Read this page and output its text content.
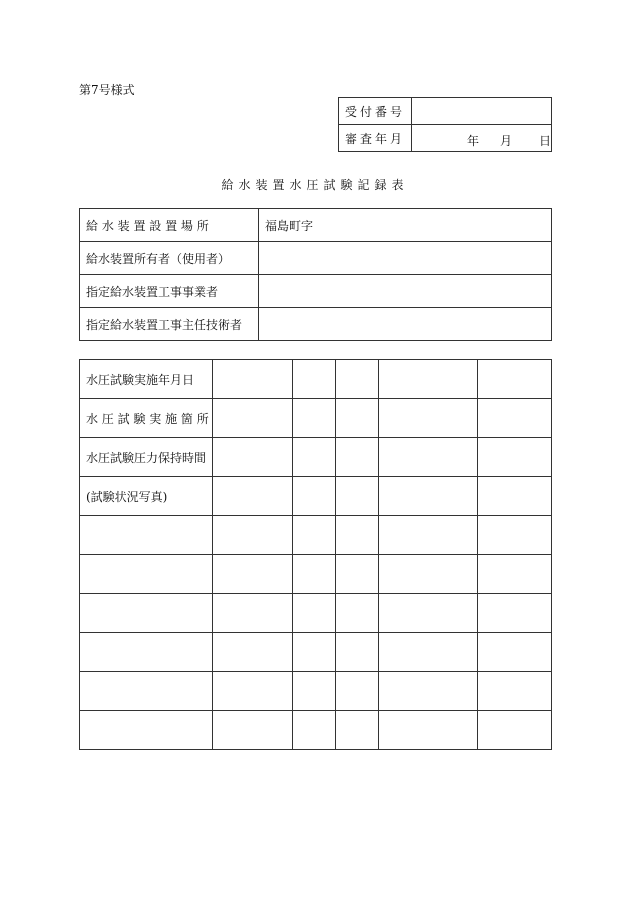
第7号様式
受付番号	
審査年月	年 月 日
給水装置水圧試験記録表
給 水 装 置 設 置 場 所	福島町字
給水装置所有者（使用者）	
指定給水装置工事事業者	
指定給水装置工事主任技術者	
水圧試験実施年月日					
水 圧 試 験 実 施 箇 所					
水圧試験圧力保持時間					
(試験状況写真)					
